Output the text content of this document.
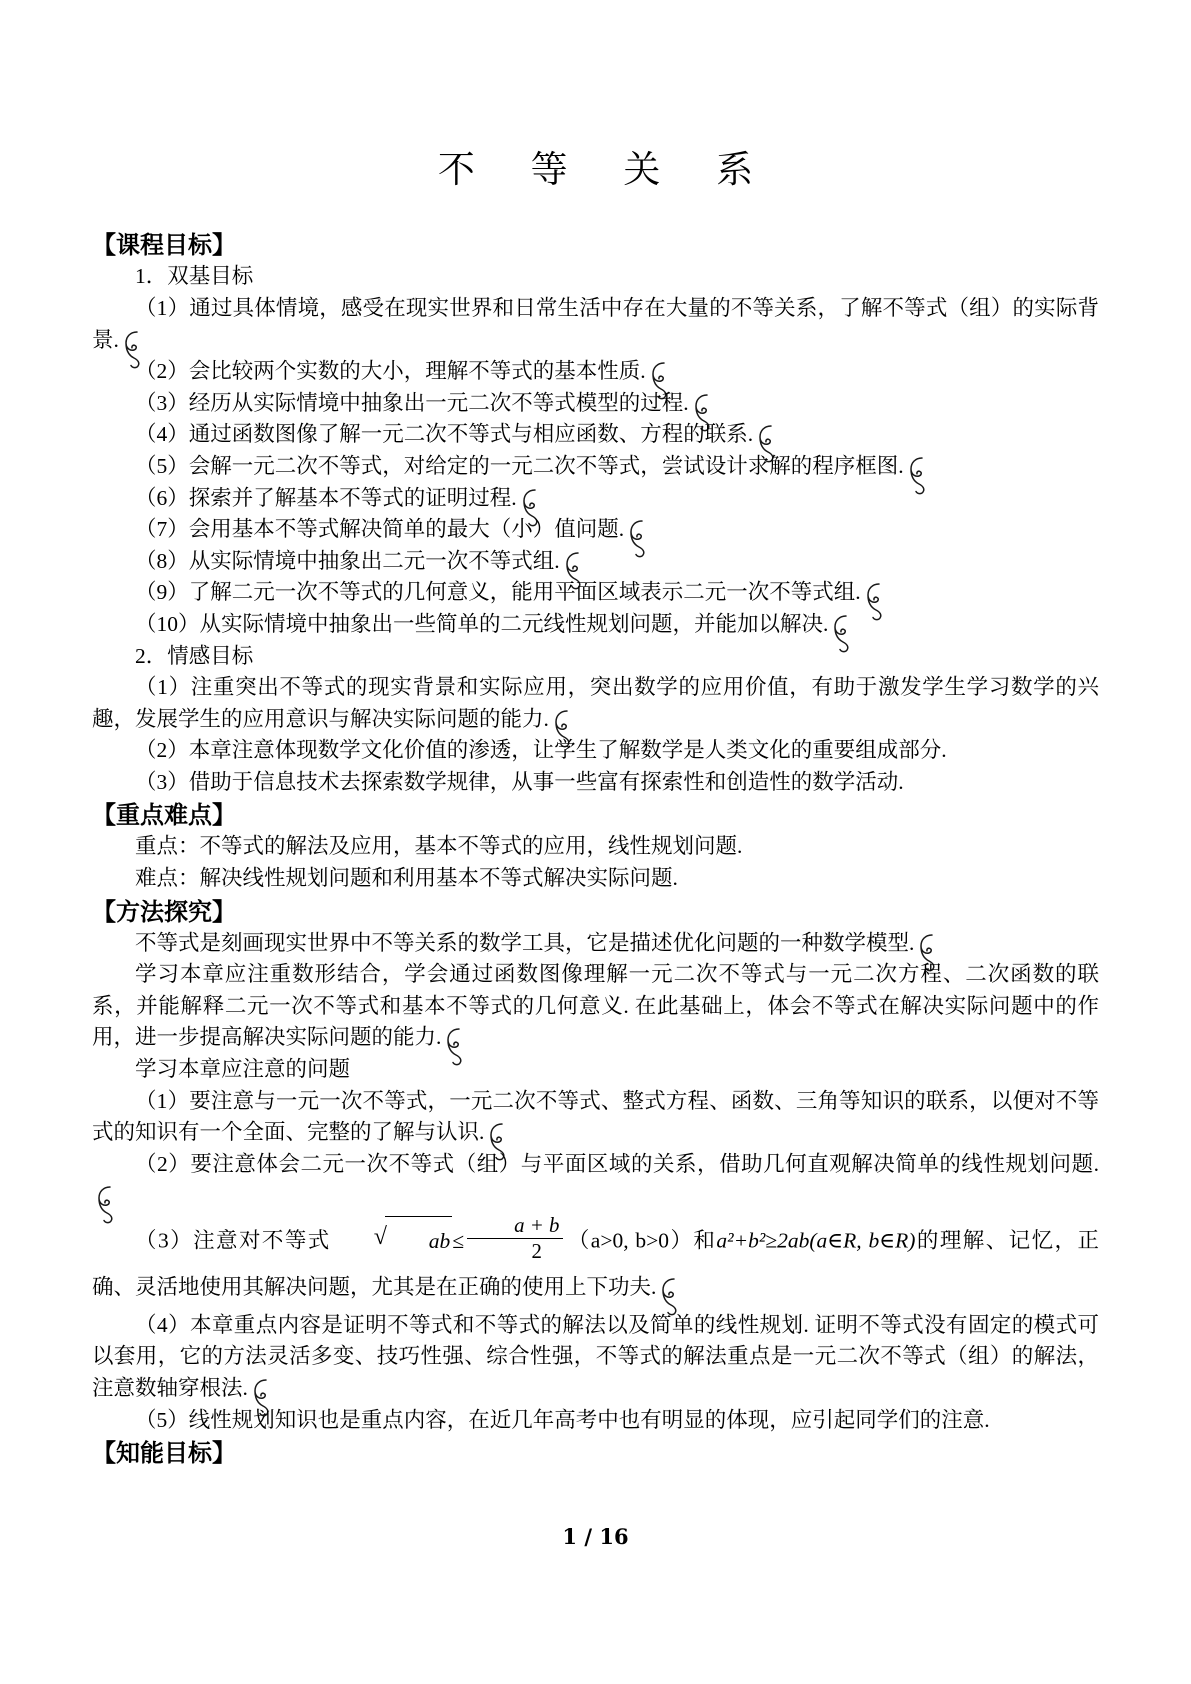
不 等 关 系
【课程目标】

1．双基目标

（1）通过具体情境，感受在现实世界和日常生活中存在大量的不等关系，了解不等式（组）的实际背景.

（2）会比较两个实数的大小，理解不等式的基本性质.

（3）经历从实际情境中抽象出一元二次不等式模型的过程.

（4）通过函数图像了解一元二次不等式与相应函数、方程的联系.

（5）会解一元二次不等式，对给定的一元二次不等式，尝试设计求解的程序框图.

（6）探索并了解基本不等式的证明过程.

（7）会用基本不等式解决简单的最大（小）值问题.

（8）从实际情境中抽象出二元一次不等式组.

（9）了解二元一次不等式的几何意义，能用平面区域表示二元一次不等式组.

（10）从实际情境中抽象出一些简单的二元线性规划问题，并能加以解决.

2．情感目标

（1）注重突出不等式的现实背景和实际应用，突出数学的应用价值，有助于激发学生学习数学的兴趣，发展学生的应用意识与解决实际问题的能力.

（2）本章注意体现数学文化价值的渗透，让学生了解数学是人类文化的重要组成部分.

（3）借助于信息技术去探索数学规律，从事一些富有探索性和创造性的数学活动.

【重点难点】

重点：不等式的解法及应用，基本不等式的应用，线性规划问题.

难点：解决线性规划问题和利用基本不等式解决实际问题.

【方法探究】

不等式是刻画现实世界中不等关系的数学工具，它是描述优化问题的一种数学模型.

学习本章应注重数形结合，学会通过函数图像理解一元二次不等式与一元二次方程、二次函数的联系，并能解释二元一次不等式和基本不等式的几何意义. 在此基础上，体会不等式在解决实际问题中的作用，进一步提高解决实际问题的能力.

学习本章应注意的问题

（1）要注意与一元一次不等式，一元二次不等式、整式方程、函数、三角等知识的联系，以便对不等式的知识有一个全面、完整的了解与认识.

（2）要注意体会二元一次不等式（组）与平面区域的关系，借助几何直观解决简单的线性规划问题.

（3）注意对不等式	√ $ab\le \frac{a + b}{2} (a>0$, b>0）和a²+b²≥2ab(a∈R, b∈R)的理解、记忆，正确、灵活地使用其解决问题，尤其是在正确的使用上下功夫.

（4）本章重点内容是证明不等式和不等式的解法以及简单的线性规划. 证明不等式没有固定的模式可以套用，它的方法灵活多变、技巧性强、综合性强，不等式的解法重点是一元二次不等式（组）的解法，注意数轴穿根法.

（5）线性规划知识也是重点内容，在近几年高考中也有明显的体现，应引起同学们的注意.

【知能目标】
1 / 16
